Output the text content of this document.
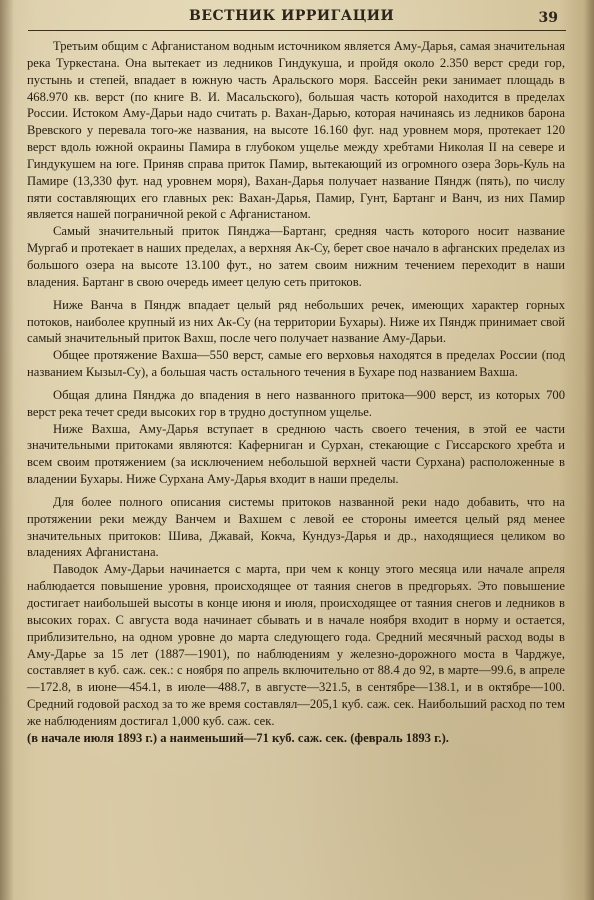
ВЕСТНИК ИРРИГАЦИИ	39

Третьим общим с Афганистаном водным источником является Аму-Дарья, самая значительная река Туркестана. Она вытекает из ледников Гиндукуша, и пройдя около 2.350 верст среди гор, пустынь и степей, впадает в южную часть Аральского моря. Бассейн реки занимает площадь в 468.970 кв. верст (по книге В. И. Масальского), большая часть которой находится в пределах России. Истоком Аму-Дарьи надо считать р. Вахан-Дарью, которая начинаясь из ледников барона Вревского у перевала того-же названия, на высоте 16.160 фуг. над уровнем моря, протекает 120 верст вдоль южной окраины Памира в глубоком ущелье между хребтами Николая II на севере и Гиндукушем на юге. Приняв справа приток Памир, вытекающий из огромного озера Зорь-Куль на Памире (13,330 фут. над уровнем моря), Вахан-Дарья получает название Пяндж (пять), по числу пяти составляющих его главных рек: Вахан-Дарья, Памир, Гунт, Бартанг и Ванч, из них Памир является нашей пограничной рекой с Афганистаном.

Самый значительный приток Пянджа—Бартанг, средняя часть которого носит название Мургаб и протекает в наших пределах, а верхняя Ак-Су, берет свое начало в афганских пределах из большого озера на высоте 13.100 фут., но затем своим нижним течением переходит в наши владения. Бартанг в свою очередь имеет целую сеть притоков.

Ниже Ванча в Пяндж впадает целый ряд небольших речек, имеющих характер горных потоков, наиболее крупный из них Ак-Су (на территории Бухары). Ниже их Пяндж принимает свой самый значительный приток Вахш, после чего получает название Аму-Дарьи.

Общее протяжение Вахша—550 верст, самые его верховья находятся в пределах России (под названием Кызыл-Су), а большая часть остального течения в Бухаре под названием Вахша.

Общая длина Пянджа до впадения в него названного притока—900 верст, из которых 700 верст река течет среди высоких гор в трудно доступном ущелье.

Ниже Вахша, Аму-Дарья вступает в среднюю часть своего течения, в этой ее части значительными притоками являются: Каферниган и Сурхан, стекающие с Гиссарского хребта и всем своим протяжением (за исключением небольшой верхней части Сурхана) расположенные в владении Бухары. Ниже Сурхана Аму-Дарья входит в наши пределы.

Для более полного описания системы притоков названной реки надо добавить, что на протяжении реки между Ванчем и Вахшем с левой ее стороны имеется целый ряд менее значительных притоков: Шива, Джавай, Кокча, Кундуз-Дарья и др., находящиеся целиком во владениях Афганистана.

Паводок Аму-Дарьи начинается с марта, при чем к концу этого месяца или начале апреля наблюдается повышение уровня, происходящее от таяния снегов в предгорьях. Это повышение достигает наибольшей высоты в конце июня и июля, происходящее от таяния снегов и ледников в высоких горах. С августа вода начинает сбывать и в начале ноября входит в норму и остается, приблизительно, на одном уровне до марта следующего года. Средний месячный расход воды в Аму-Дарье за 15 лет (1887—1901), по наблюдениям у железно-дорожного моста в Чарджуе, составляет в куб. саж. сек.: с ноября по апрель включительно от 88.4 до 92, в марте—99.6, в апреле—172.8, в июне—454.1, в июле—488.7, в августе—321.5, в сентябре—138.1, и в октябре—100. Средний годовой расход за то же время составлял—205,1 куб. саж. сек. Наибольший расход по тем же наблюдениям достигал 1,000 куб. саж. сек.

(в начале июля 1893 г.) а наименьший—71 куб. саж. сек. (февраль 1893 г.).
